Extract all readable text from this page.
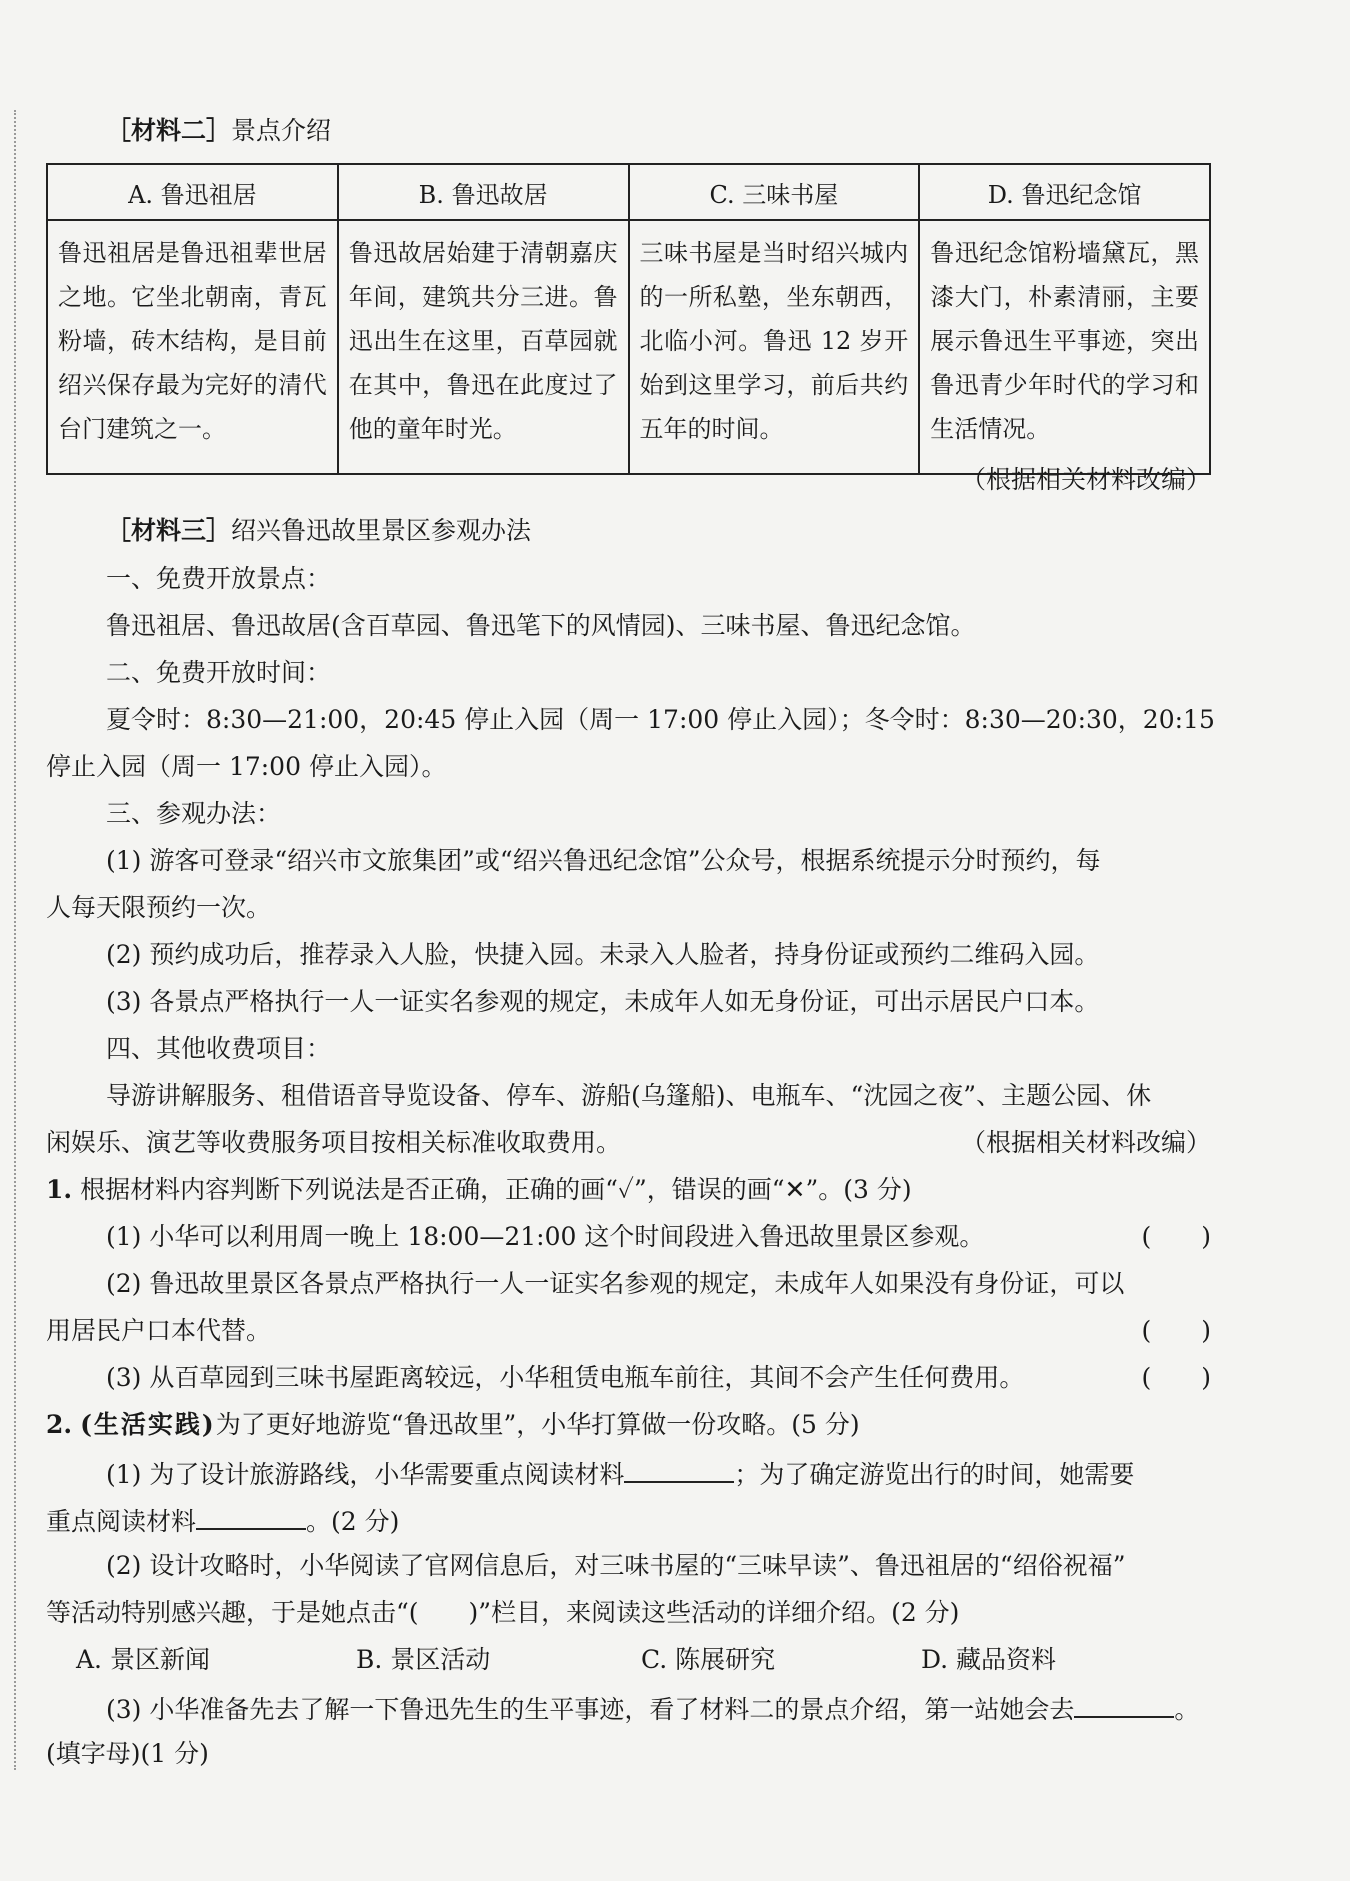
［材料二］景点介绍
A. 鲁迅祖居	B. 鲁迅故居	C. 三味书屋	D. 鲁迅纪念馆
鲁迅祖居是鲁迅祖辈世居之地。它坐北朝南，青瓦粉墙，砖木结构，是目前绍兴保存最为完好的清代台门建筑之一。	鲁迅故居始建于清朝嘉庆年间，建筑共分三进。鲁迅出生在这里，百草园就在其中，鲁迅在此度过了他的童年时光。	三味书屋是当时绍兴城内的一所私塾，坐东朝西，北临小河。鲁迅 12 岁开始到这里学习，前后共约五年的时间。	鲁迅纪念馆粉墙黛瓦，黑漆大门，朴素清丽，主要展示鲁迅生平事迹，突出鲁迅青少年时代的学习和生活情况。
（根据相关材料改编）
［材料三］绍兴鲁迅故里景区参观办法
一、免费开放景点：
鲁迅祖居、鲁迅故居(含百草园、鲁迅笔下的风情园)、三味书屋、鲁迅纪念馆。
二、免费开放时间：
夏令时：8:30—21:00，20:45 停止入园（周一 17:00 停止入园）；冬令时：8:30—20:30，20:15
停止入园（周一 17:00 停止入园）。
三、参观办法：
(1) 游客可登录“绍兴市文旅集团”或“绍兴鲁迅纪念馆”公众号，根据系统提示分时预约，每
人每天限预约一次。
(2) 预约成功后，推荐录入人脸，快捷入园。未录入人脸者，持身份证或预约二维码入园。
(3) 各景点严格执行一人一证实名参观的规定，未成年人如无身份证，可出示居民户口本。
四、其他收费项目：
导游讲解服务、租借语音导览设备、停车、游船(乌篷船)、电瓶车、“沈园之夜”、主题公园、休
闲娱乐、演艺等收费服务项目按相关标准收取费用。	（根据相关材料改编）
1. 根据材料内容判断下列说法是否正确，正确的画“✓”，错误的画“✕”。(3 分)
(1) 小华可以利用周一晚上 18:00—21:00 这个时间段进入鲁迅故里景区参观。	(　　)
(2) 鲁迅故里景区各景点严格执行一人一证实名参观的规定，未成年人如果没有身份证，可以
用居民户口本代替。	(　　)
(3) 从百草园到三味书屋距离较远，小华租赁电瓶车前往，其间不会产生任何费用。	(　　)
2. (生活实践)为了更好地游览“鲁迅故里”，小华打算做一份攻略。(5 分)
(1) 为了设计旅游路线，小华需要重点阅读材料	；为了确定游览出行的时间，她需要
重点阅读材料	。(2 分)
(2) 设计攻略时，小华阅读了官网信息后，对三味书屋的“三味早读”、鲁迅祖居的“绍俗祝福”
等活动特别感兴趣，于是她点击“(　　)”栏目，来阅读这些活动的详细介绍。(2 分)
A. 景区新闻	B. 景区活动	C. 陈展研究	D. 藏品资料
(3) 小华准备先去了解一下鲁迅先生的生平事迹，看了材料二的景点介绍，第一站她会去	。
(填字母)(1 分)
